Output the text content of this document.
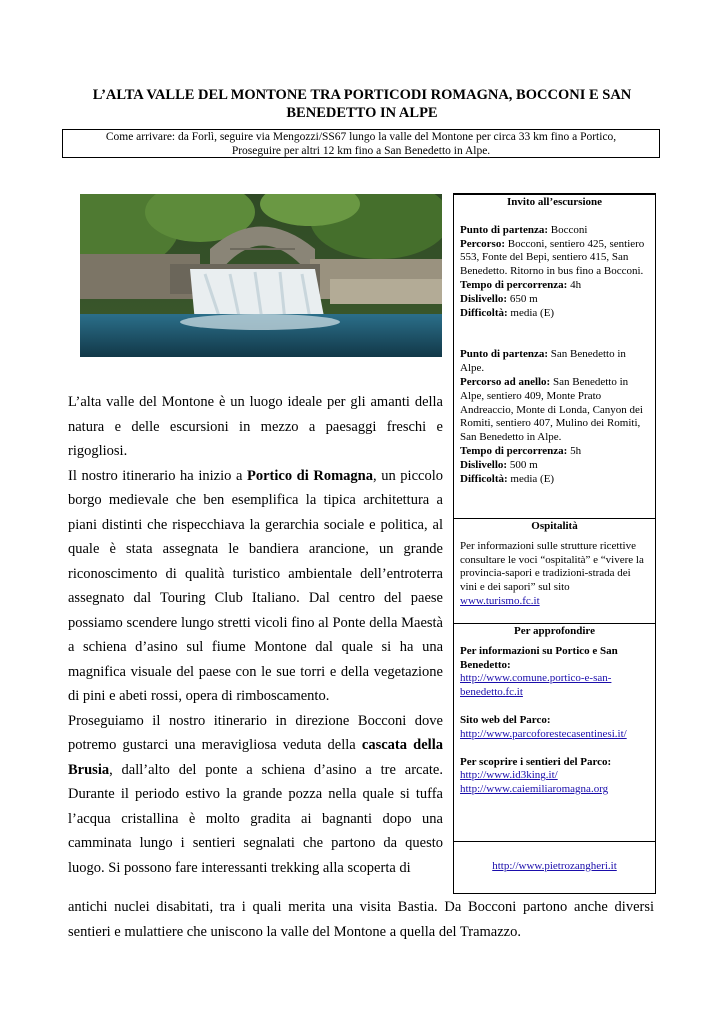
L’ALTA VALLE DEL MONTONE TRA PORTICODI ROMAGNA, BOCCONI E SAN BENEDETTO IN ALPE
Come arrivare: da Forlì, seguire via Mengozzi/SS67 lungo la valle del Montone per circa 33 km fino a Portico,
Proseguire per altri 12 km fino a San Benedetto in Alpe.

L’alta valle del Montone è un luogo ideale per gli amanti della natura e delle escursioni in mezzo a paesaggi freschi e rigogliosi.

Il nostro itinerario ha inizio a Portico di Romagna, un piccolo borgo medievale che ben esemplifica la tipica architettura a piani distinti che rispecchiava la gerarchia sociale e politica, al quale è stata assegnata le bandiera arancione, un grande riconoscimento di qualità turistico ambientale dell’entroterra assegnato dal Touring Club Italiano. Dal centro del paese possiamo scendere lungo stretti vicoli fino al Ponte della Maestà a schiena d’asino sul fiume Montone dal quale si ha una magnifica visuale del paese con le sue torri e della vegetazione di pini e abeti rossi, opera di rimboscamento.

Proseguiamo il nostro itinerario in direzione Bocconi dove potremo gustarci una meravigliosa veduta della cascata della Brusia, dall’alto del ponte a schiena d’asino a tre arcate. Durante il periodo estivo la grande pozza nella quale si tuffa l’acqua cristallina è molto gradita ai bagnanti dopo una camminata lungo i sentieri segnalati che partono da questo luogo. Si possono fare interessanti trekking alla scoperta di

antichi nuclei disabitati, tra i quali merita una visita Bastia. Da Bocconi partono anche diversi sentieri e mulattiere che uniscono la valle del Montone a quella del Tramazzo.

Invito all’escursione

Punto di partenza: Bocconi

Percorso: Bocconi, sentiero 425, sentiero 553, Fonte del Bepi, sentiero 415, San Benedetto. Ritorno in bus fino a Bocconi.

Tempo di percorrenza: 4h

Dislivello: 650 m

Difficoltà: media (E)

Punto di partenza: San Benedetto in Alpe.

Percorso ad anello: San Benedetto in Alpe, sentiero 409, Monte Prato Andreaccio, Monte di Londa, Canyon dei Romiti, sentiero 407, Mulino dei Romiti, San Benedetto in Alpe.

Tempo di percorrenza: 5h

Dislivello: 500 m

Difficoltà: media (E)

Ospitalità

Per informazioni sulle strutture ricettive consultare le voci “ospitalità” e “vivere la provincia-sapori e tradizioni-strada dei vini e dei sapori” sul sito www.turismo.fc.it

Per approfondire

Per informazioni su Portico e San Benedetto:

http://www.comune.portico-e-san-benedetto.fc.it

Sito web del Parco:

http://www.parcoforestecasentinesi.it/

Per scoprire i sentieri del Parco:

http://www.id3king.it/

http://www.caiemiliaromagna.org

http://www.pietrozangheri.it
